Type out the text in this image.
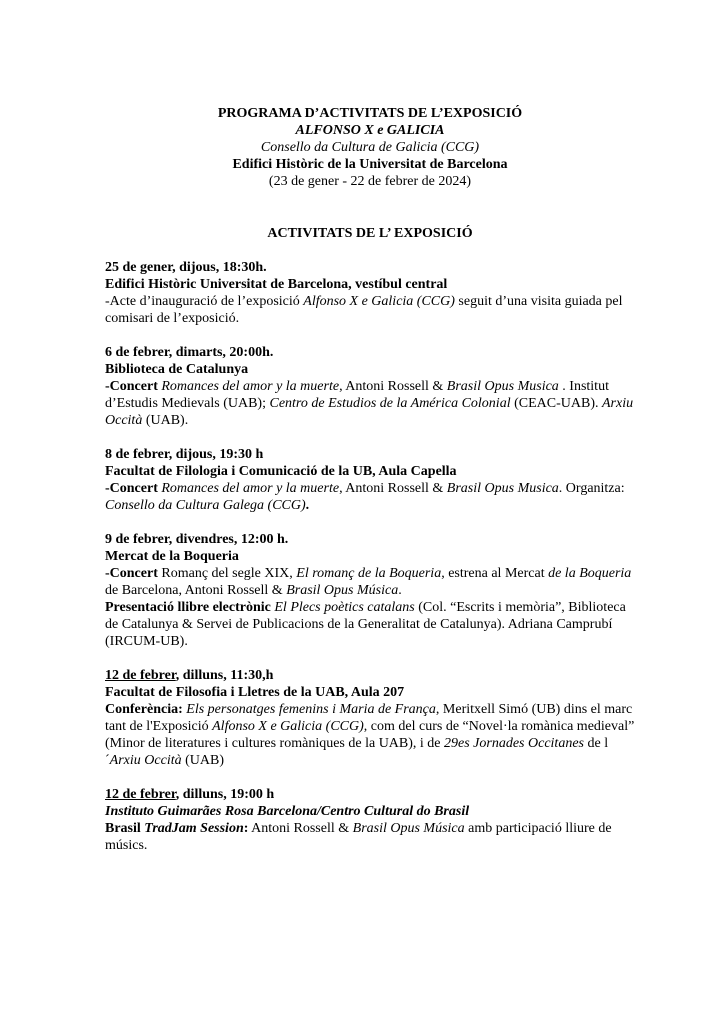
PROGRAMA D’ACTIVITATS DE L’EXPOSICIÓ
ALFONSO X e GALICIA
Consello da Cultura de Galicia (CCG)
Edifici Històric de la Universitat de Barcelona
(23 de gener - 22 de febrer de 2024)
ACTIVITATS DE L’ EXPOSICIÓ

25 de gener, dijous, 18:30h.

Edifici Històric Universitat de Barcelona, vestíbul central

-Acte d’inauguració de l’exposició Alfonso X e Galicia (CCG) seguit d’una visita guiada pel comisari de l’exposició.

6 de febrer, dimarts, 20:00h.

Biblioteca de Catalunya

-Concert Romances del amor y la muerte, Antoni Rossell & Brasil Opus Musica . Institut d’Estudis Medievals (UAB); Centro de Estudios de la América Colonial (CEAC-UAB). Arxiu Occità (UAB).

8 de febrer, dijous, 19:30 h

Facultat de Filologia i Comunicació de la UB, Aula Capella

-Concert Romances del amor y la muerte, Antoni Rossell & Brasil Opus Musica. Organitza: Consello da Cultura Galega (CCG).

9 de febrer, divendres, 12:00 h.

Mercat de la Boqueria

-Concert Romanç del segle XIX, El romanç de la Boqueria, estrena al Mercat de la Boqueria de Barcelona, Antoni Rossell & Brasil Opus Música.

Presentació llibre electrònic El Plecs poètics catalans (Col. “Escrits i memòria”, Biblioteca de Catalunya & Servei de Publicacions de la Generalitat de Catalunya). Adriana Camprubí (IRCUM-UB).

12 de febrer, dilluns, 11:30,h

Facultat de Filosofia i Lletres de la UAB, Aula 207

Conferència: Els personatges femenins i Maria de França, Meritxell Simó (UB) dins el marc tant de l'Exposició Alfonso X e Galicia (CCG), com del curs de “Novel·la romànica medieval” (Minor de literatures i cultures romàniques de la UAB), i de 29es Jornades Occitanes de l´Arxiu Occità (UAB)

12 de febrer, dilluns, 19:00 h

Instituto Guimarães Rosa Barcelona/Centro Cultural do Brasil

Brasil TradJam Session: Antoni Rossell & Brasil Opus Música amb participació lliure de músics.
